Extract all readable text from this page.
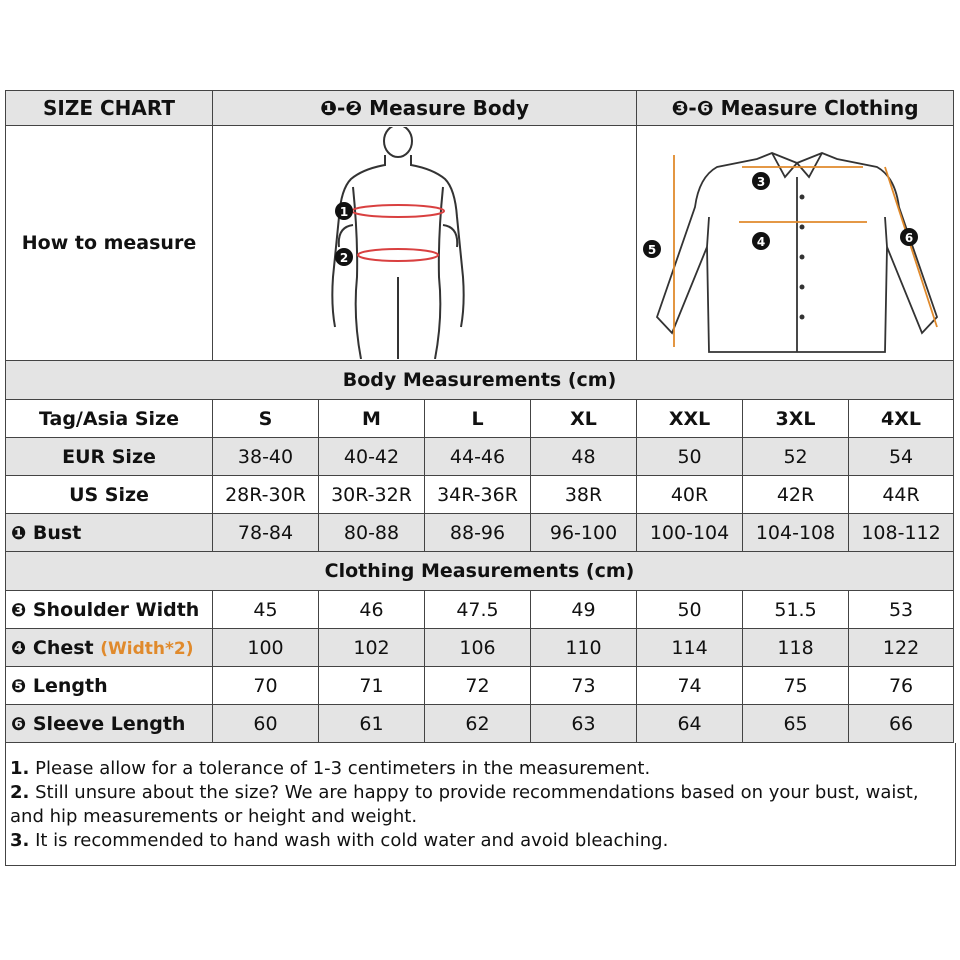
SIZE CHART	❶-❷ Measure Body				❸-❻ Measure Clothing		
How to measure	1
2				3
4
5
6		

Body Measurements (cm)							
Tag/Asia Size	S	M	L	XL	XXL	3XL	4XL
EUR Size	38-40	40-42	44-46	48	50	52	54
US Size	28R-30R	30R-32R	34R-36R	38R	40R	42R	44R
❶ Bust	78-84	80-88	88-96	96-100	100-104	104-108	108-112
Clothing Measurements (cm)							
❸ Shoulder Width	45	46	47.5	49	50	51.5	53
❹ Chest (Width*2)	100	102	106	110	114	118	122
❺ Length	70	71	72	73	74	75	76
❻ Sleeve Length	60	61	62	63	64	65	66
1. Please allow for a tolerance of 1-3 centimeters in the measurement.
2. Still unsure about the size? We are happy to provide recommendations based on your bust, waist, and hip measurements or height and weight.
3. It is recommended to hand wash with cold water and avoid bleaching.
